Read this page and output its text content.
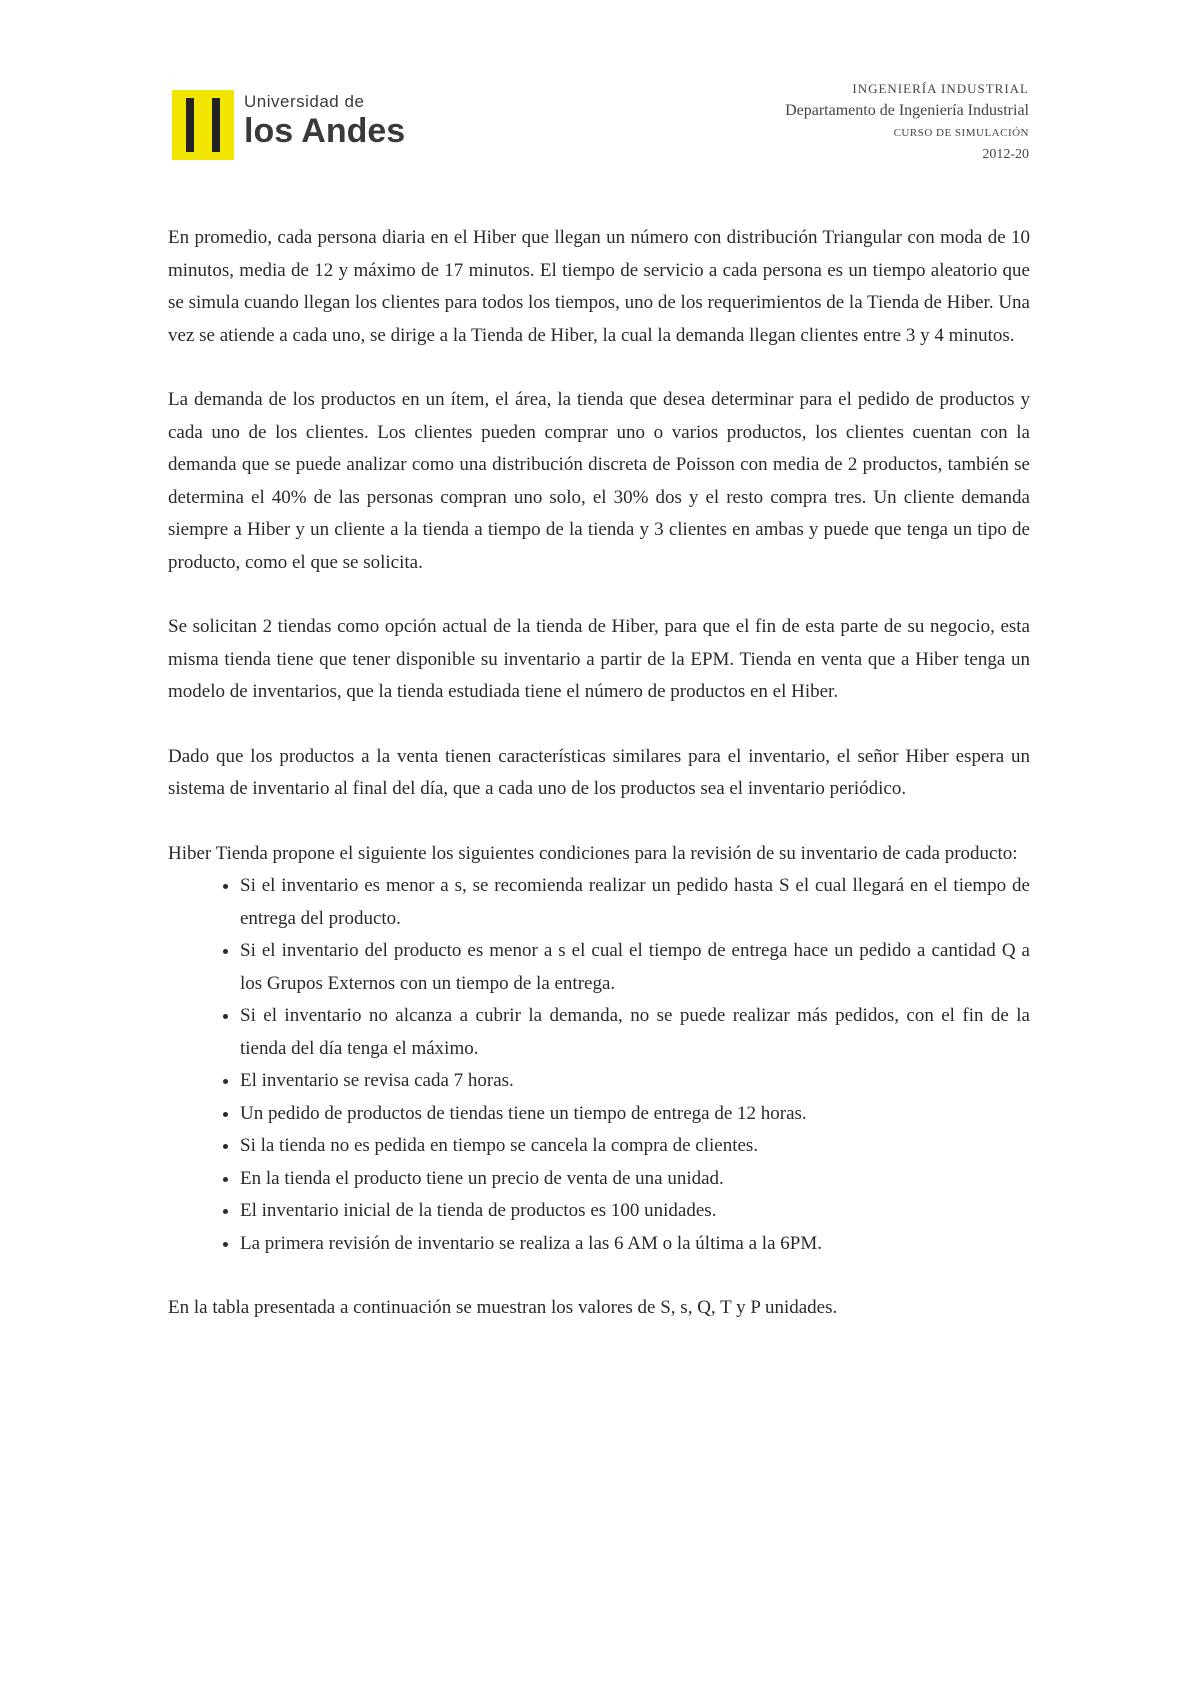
Universidad de
los Andes
INGENIERÍA INDUSTRIAL
Departamento de Ingeniería Industrial
CURSO DE SIMULACIÓN
2012-20

En promedio, cada persona diaria en el Hiber que llegan un número con distribución Triangular con moda de 10 minutos, media de 12 y máximo de 17 minutos. El tiempo de servicio a cada persona es un tiempo aleatorio que se simula cuando llegan los clientes para todos los tiempos, uno de los requerimientos de la Tienda de Hiber. Una vez se atiende a cada uno, se dirige a la Tienda de Hiber, la cual la demanda llegan clientes entre 3 y 4 minutos.

La demanda de los productos en un ítem, el área, la tienda que desea determinar para el pedido de productos y cada uno de los clientes. Los clientes pueden comprar uno o varios productos, los clientes cuentan con la demanda que se puede analizar como una distribución discreta de Poisson con media de 2 productos, también se determina el 40% de las personas compran uno solo, el 30% dos y el resto compra tres. Un cliente demanda siempre a Hiber y un cliente a la tienda a tiempo de la tienda y 3 clientes en ambas y puede que tenga un tipo de producto, como el que se solicita.

Se solicitan 2 tiendas como opción actual de la tienda de Hiber, para que el fin de esta parte de su negocio, esta misma tienda tiene que tener disponible su inventario a partir de la EPM. Tienda en venta que a Hiber tenga un modelo de inventarios, que la tienda estudiada tiene el número de productos en el Hiber.

Dado que los productos a la venta tienen características similares para el inventario, el señor Hiber espera un sistema de inventario al final del día, que a cada uno de los productos sea el inventario periódico.

Hiber Tienda propone el siguiente los siguientes condiciones para la revisión de su inventario de cada producto:

• Si el inventario es menor a s, se recomienda realizar un pedido hasta S el cual llegará en el tiempo de entrega del producto.
• Si el inventario del producto es menor a s el cual el tiempo de entrega hace un pedido a cantidad Q a los Grupos Externos con un tiempo de la entrega.
• Si el inventario no alcanza a cubrir la demanda, no se puede realizar más pedidos, con el fin de la tienda del día tenga el máximo.
• El inventario se revisa cada 7 horas.
• Un pedido de productos de tiendas tiene un tiempo de entrega de 12 horas.
• Si la tienda no es pedida en tiempo se cancela la compra de clientes.
• En la tienda el producto tiene un precio de venta de una unidad.
• El inventario inicial de la tienda de productos es 100 unidades.
• La primera revisión de inventario se realiza a las 6 AM o la última a la 6PM.

En la tabla presentada a continuación se muestran los valores de S, s, Q, T y P unidades.
